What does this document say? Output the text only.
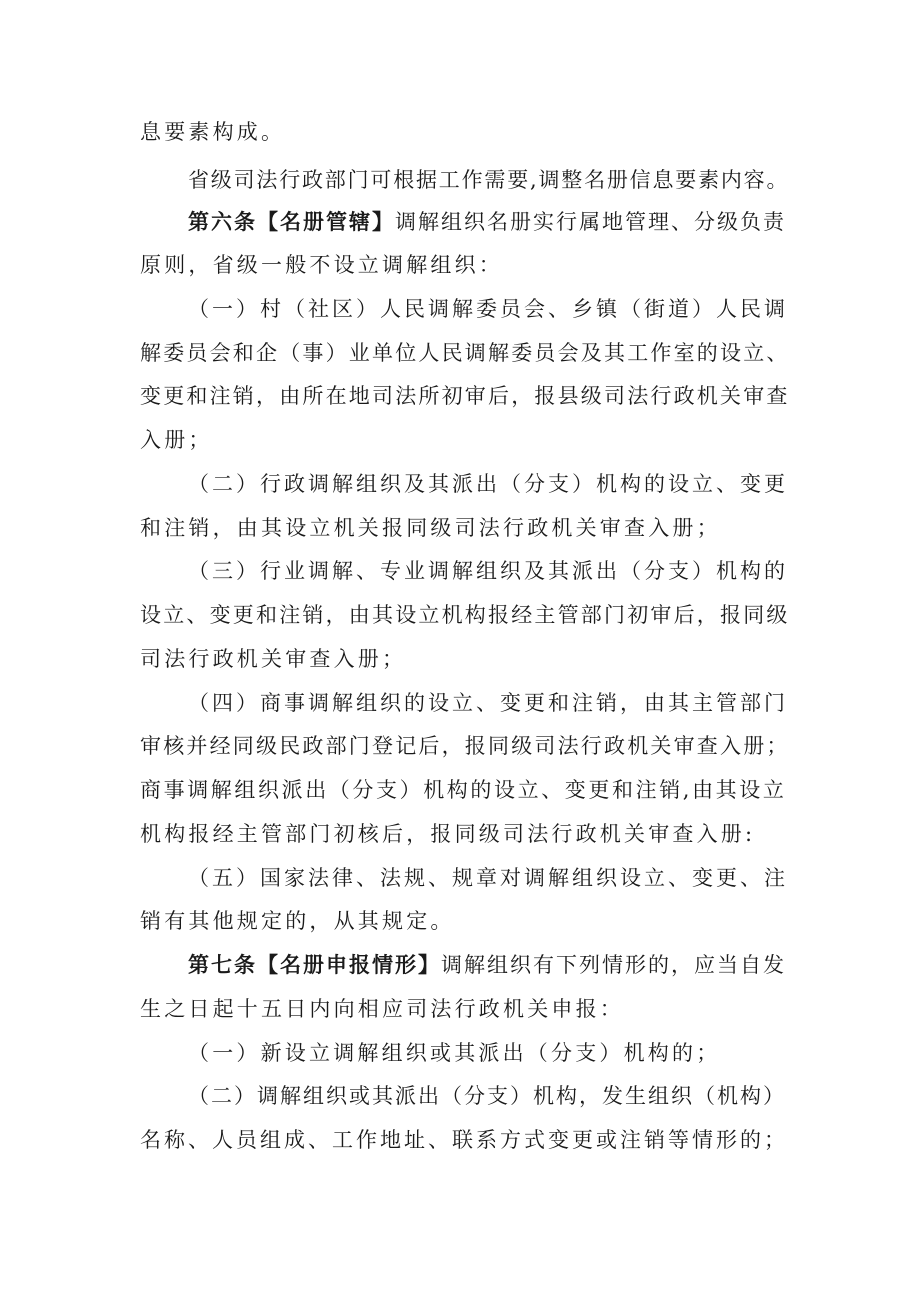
息要素构成。
省级司法行政部门可根据工作需要,调整名册信息要素内容。
第六条【名册管辖】调解组织名册实行属地管理、分级负责
原则，省级一般不设立调解组织：
（一）村（社区）人民调解委员会、乡镇（街道）人民调
解委员会和企（事）业单位人民调解委员会及其工作室的设立、
变更和注销，由所在地司法所初审后，报县级司法行政机关审查
入册；
（二）行政调解组织及其派出（分支）机构的设立、变更
和注销，由其设立机关报同级司法行政机关审查入册；
（三）行业调解、专业调解组织及其派出（分支）机构的
设立、变更和注销，由其设立机构报经主管部门初审后，报同级
司法行政机关审查入册；
（四）商事调解组织的设立、变更和注销，由其主管部门
审核并经同级民政部门登记后，报同级司法行政机关审查入册；
商事调解组织派出（分支）机构的设立、变更和注销,由其设立
机构报经主管部门初核后，报同级司法行政机关审查入册:
（五）国家法律、法规、规章对调解组织设立、变更、注
销有其他规定的，从其规定。
第七条【名册申报情形】调解组织有下列情形的，应当自发
生之日起十五日内向相应司法行政机关申报：
（一）新设立调解组织或其派出（分支）机构的；
（二）调解组织或其派出（分支）机构，发生组织（机构）
名称、人员组成、工作地址、联系方式变更或注销等情形的；
